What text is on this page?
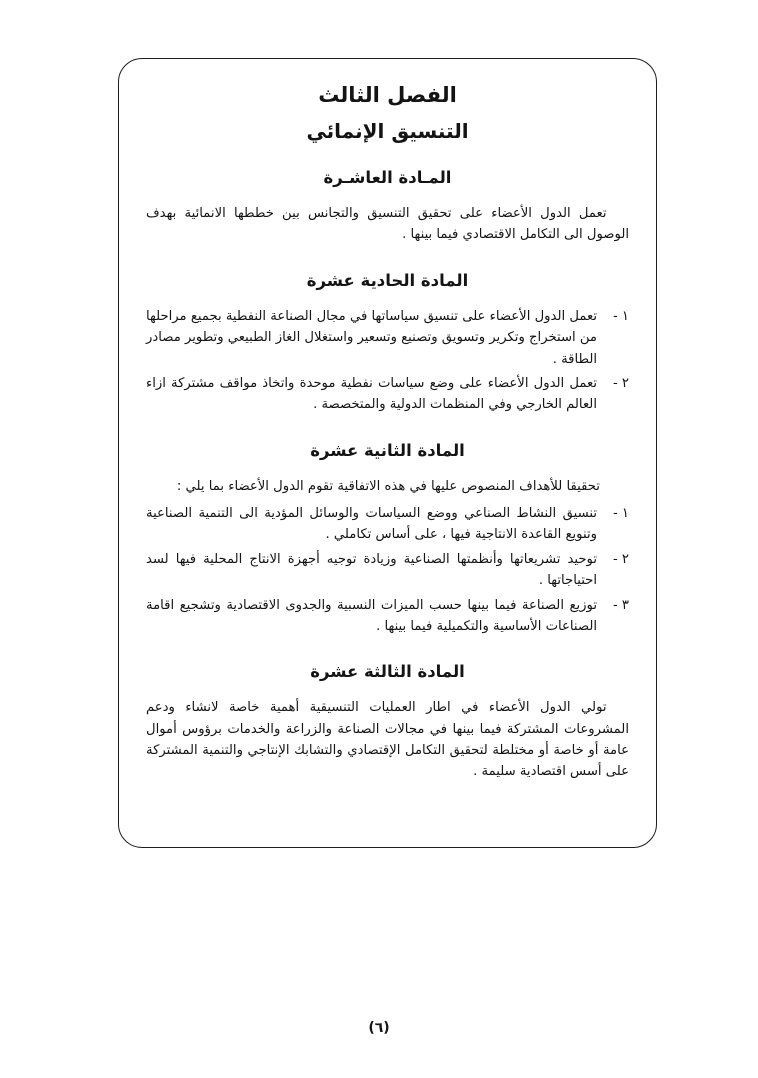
الفصل الثالث
التنسيق الإنمائي
المـادة العاشـرة

تعمل الدول الأعضاء على تحقيق التنسيق والتجانس بين خططها الانمائية بهدف الوصول الى التكامل الاقتصادي فيما بينها .

المادة الحادية عشرة
١ -
تعمل الدول الأعضاء على تنسيق سياساتها في مجال الصناعة النفطية بجميع مراحلها من استخراج وتكرير وتسويق وتصنيع وتسعير واستغلال الغاز الطبيعي وتطوير مصادر الطاقة .
٢ -
تعمل الدول الأعضاء على وضع سياسات نفطية موحدة واتخاذ مواقف مشتركة ازاء العالم الخارجي وفي المنظمات الدولية والمتخصصة .
المادة الثانية عشرة

تحقيقا للأهداف المنصوص عليها في هذه الاتفاقية تقوم الدول الأعضاء بما يلي :

١ -
تنسيق النشاط الصناعي ووضع السياسات والوسائل المؤدية الى التنمية الصناعية وتنويع القاعدة الانتاجية فيها ، على أساس تكاملي .
٢ -
توحيد تشريعاتها وأنظمتها الصناعية وزيادة توجيه أجهزة الانتاج المحلية فيها لسد احتياجاتها .
٣ -
توزيع الصناعة فيما بينها حسب الميزات النسبية والجدوى الاقتصادية وتشجيع اقامة الصناعات الأساسية والتكميلية فيما بينها .
المادة الثالثة عشرة

تولي الدول الأعضاء في اطار العمليات التنسيقية أهمية خاصة لانشاء ودعم المشروعات المشتركة فيما بينها في مجالات الصناعة والزراعة والخدمات برؤوس أموال عامة أو خاصة أو مختلطة لتحقيق التكامل الإقتصادي والتشابك الإنتاجي والتنمية المشتركة على أسس اقتصادية سليمة .

(٦)
